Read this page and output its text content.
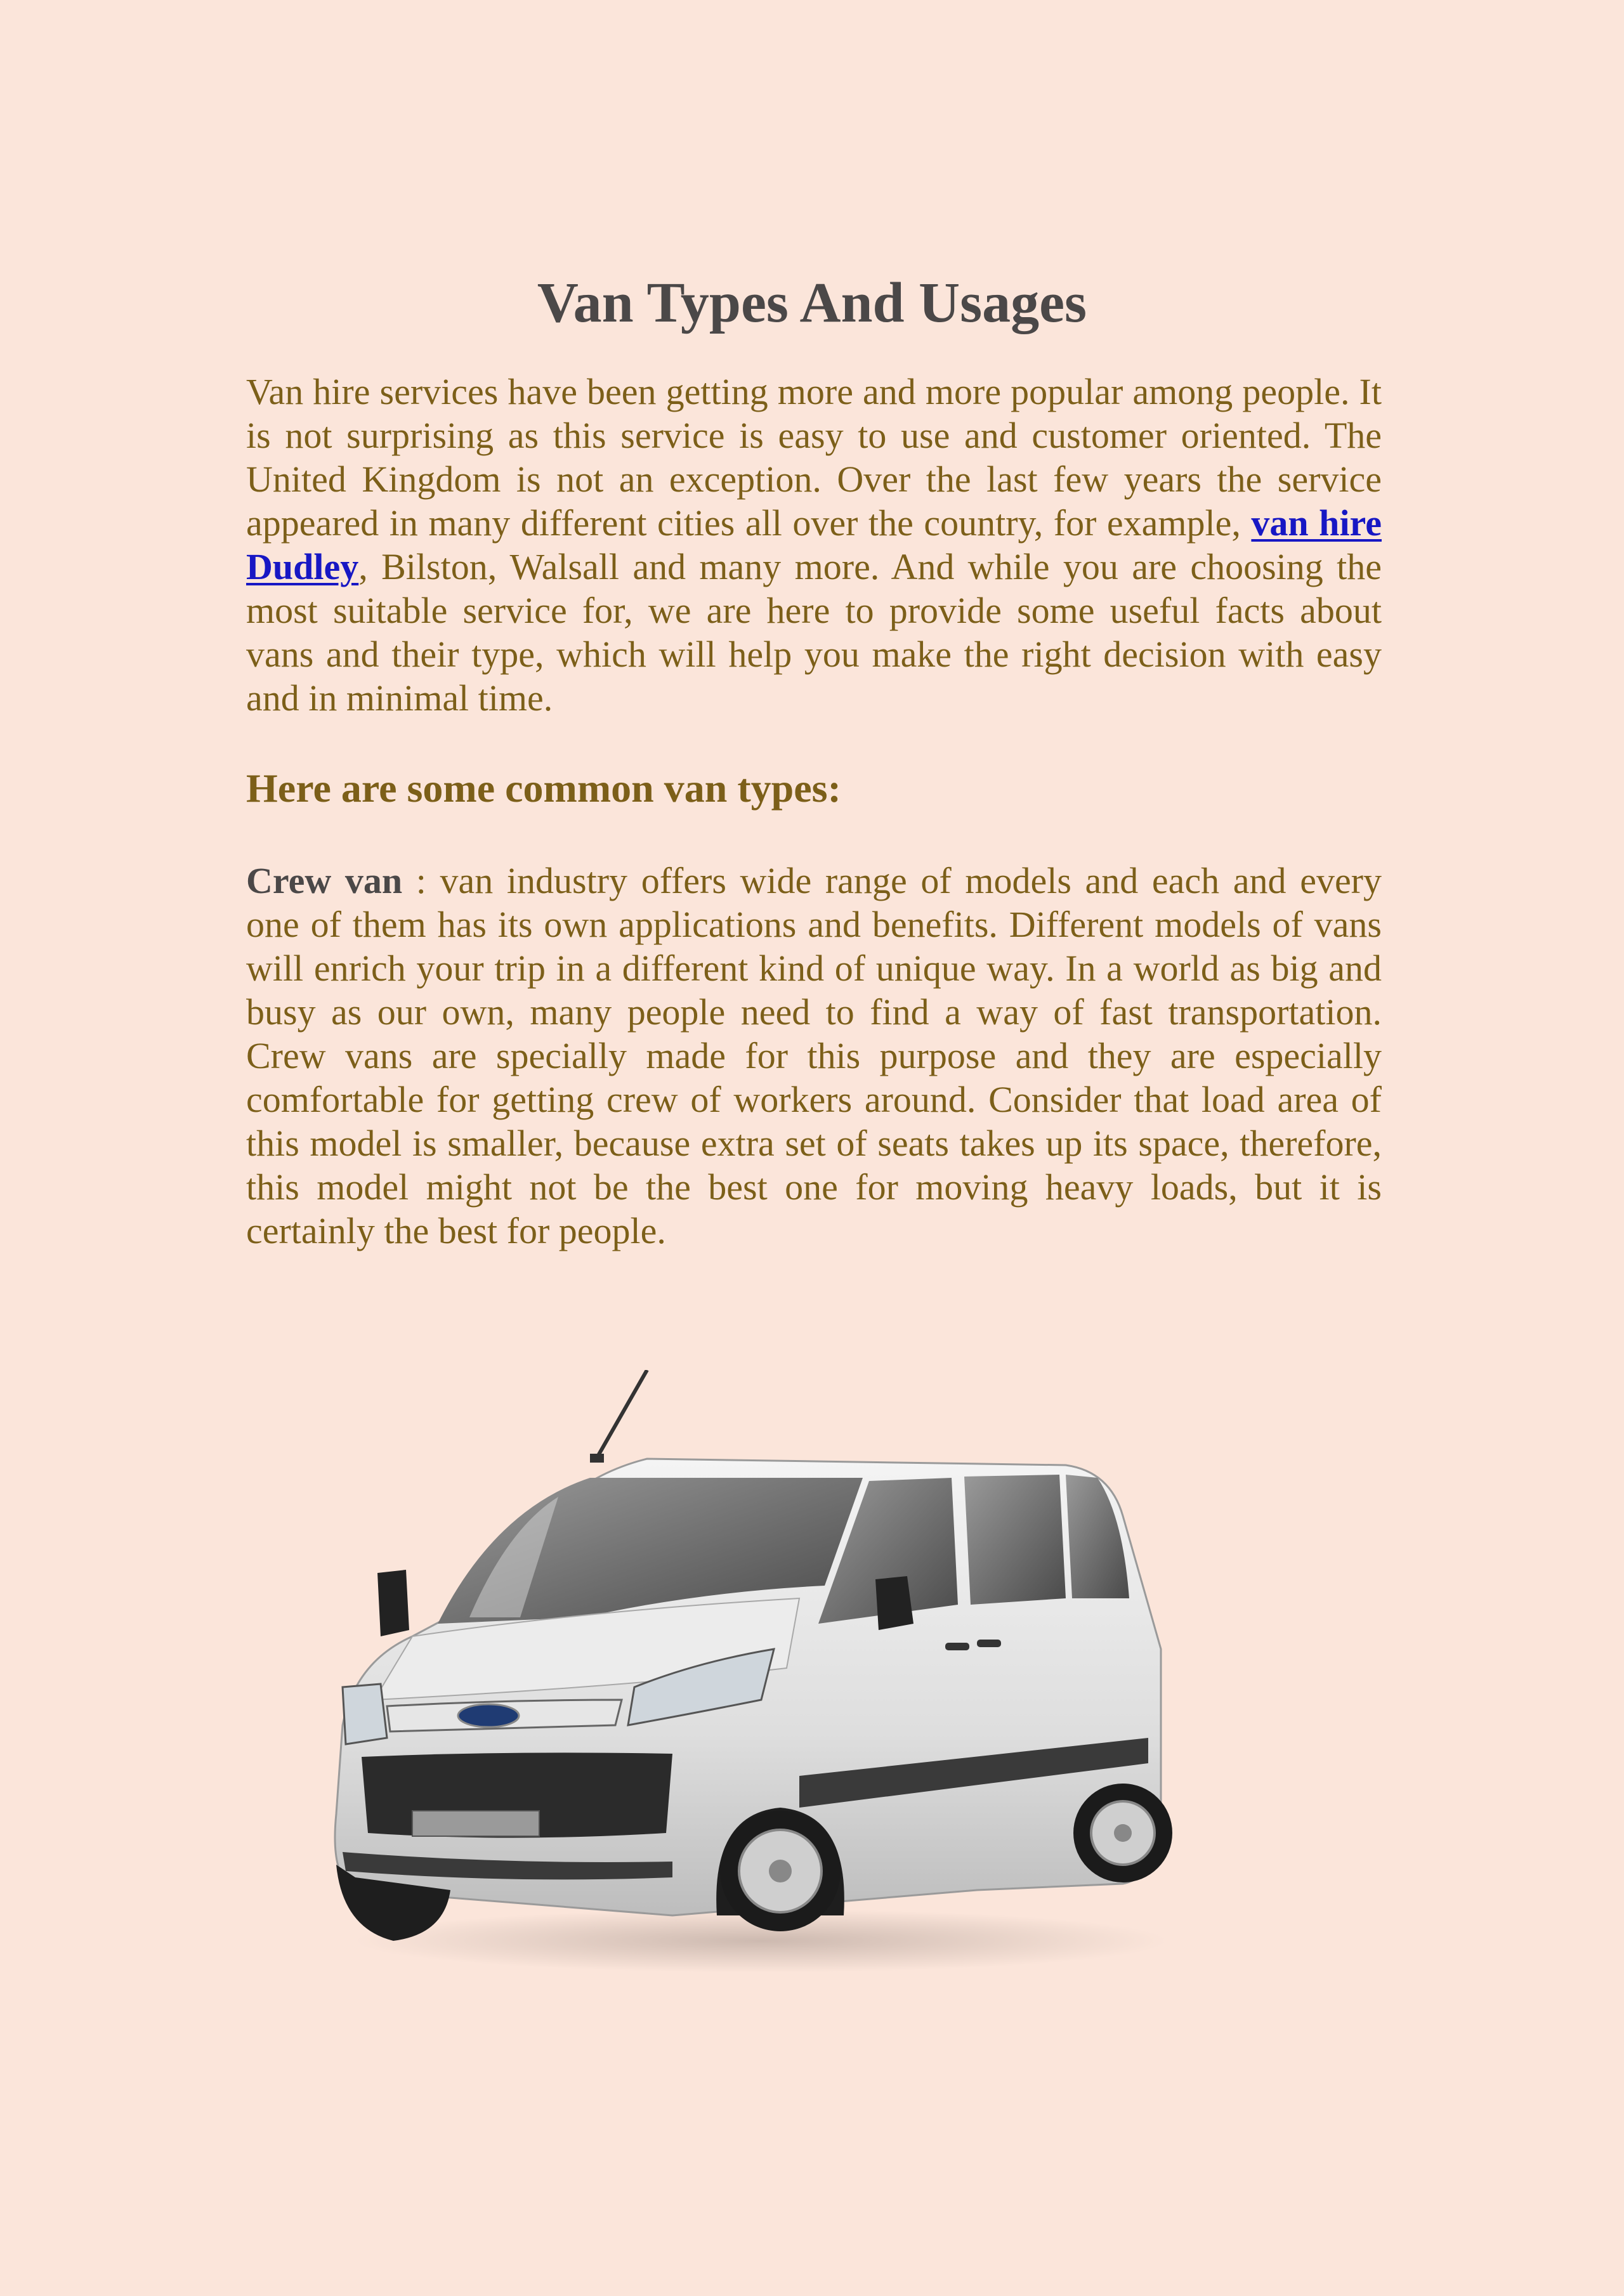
Van Types And Usages

Van hire services have been getting more and more popular among people. It is not surprising as this service is easy to use and customer oriented. The United Kingdom is not an exception. Over the last few years the service appeared in many different cities all over the country, for example, van hire Dudley, Bilston, Walsall and many more. And while you are choosing the most suitable service for, we are here to provide some useful facts about vans and their type, which will help you make the right decision with easy and in minimal time.

Here are some common van types:

Crew van : van industry offers wide range of models and each and every one of them has its own applications and benefits. Different models of vans will enrich your trip in a different kind of unique way. In a world as big and busy as our own, many people need to find a way of fast transportation. Crew vans are specially made for this purpose and they are especially comfortable for getting crew of workers around. Consider that load area of this model is smaller, because extra set of seats takes up its space, therefore, this model might not be the best one for moving heavy loads, but it is certainly the best for people.
